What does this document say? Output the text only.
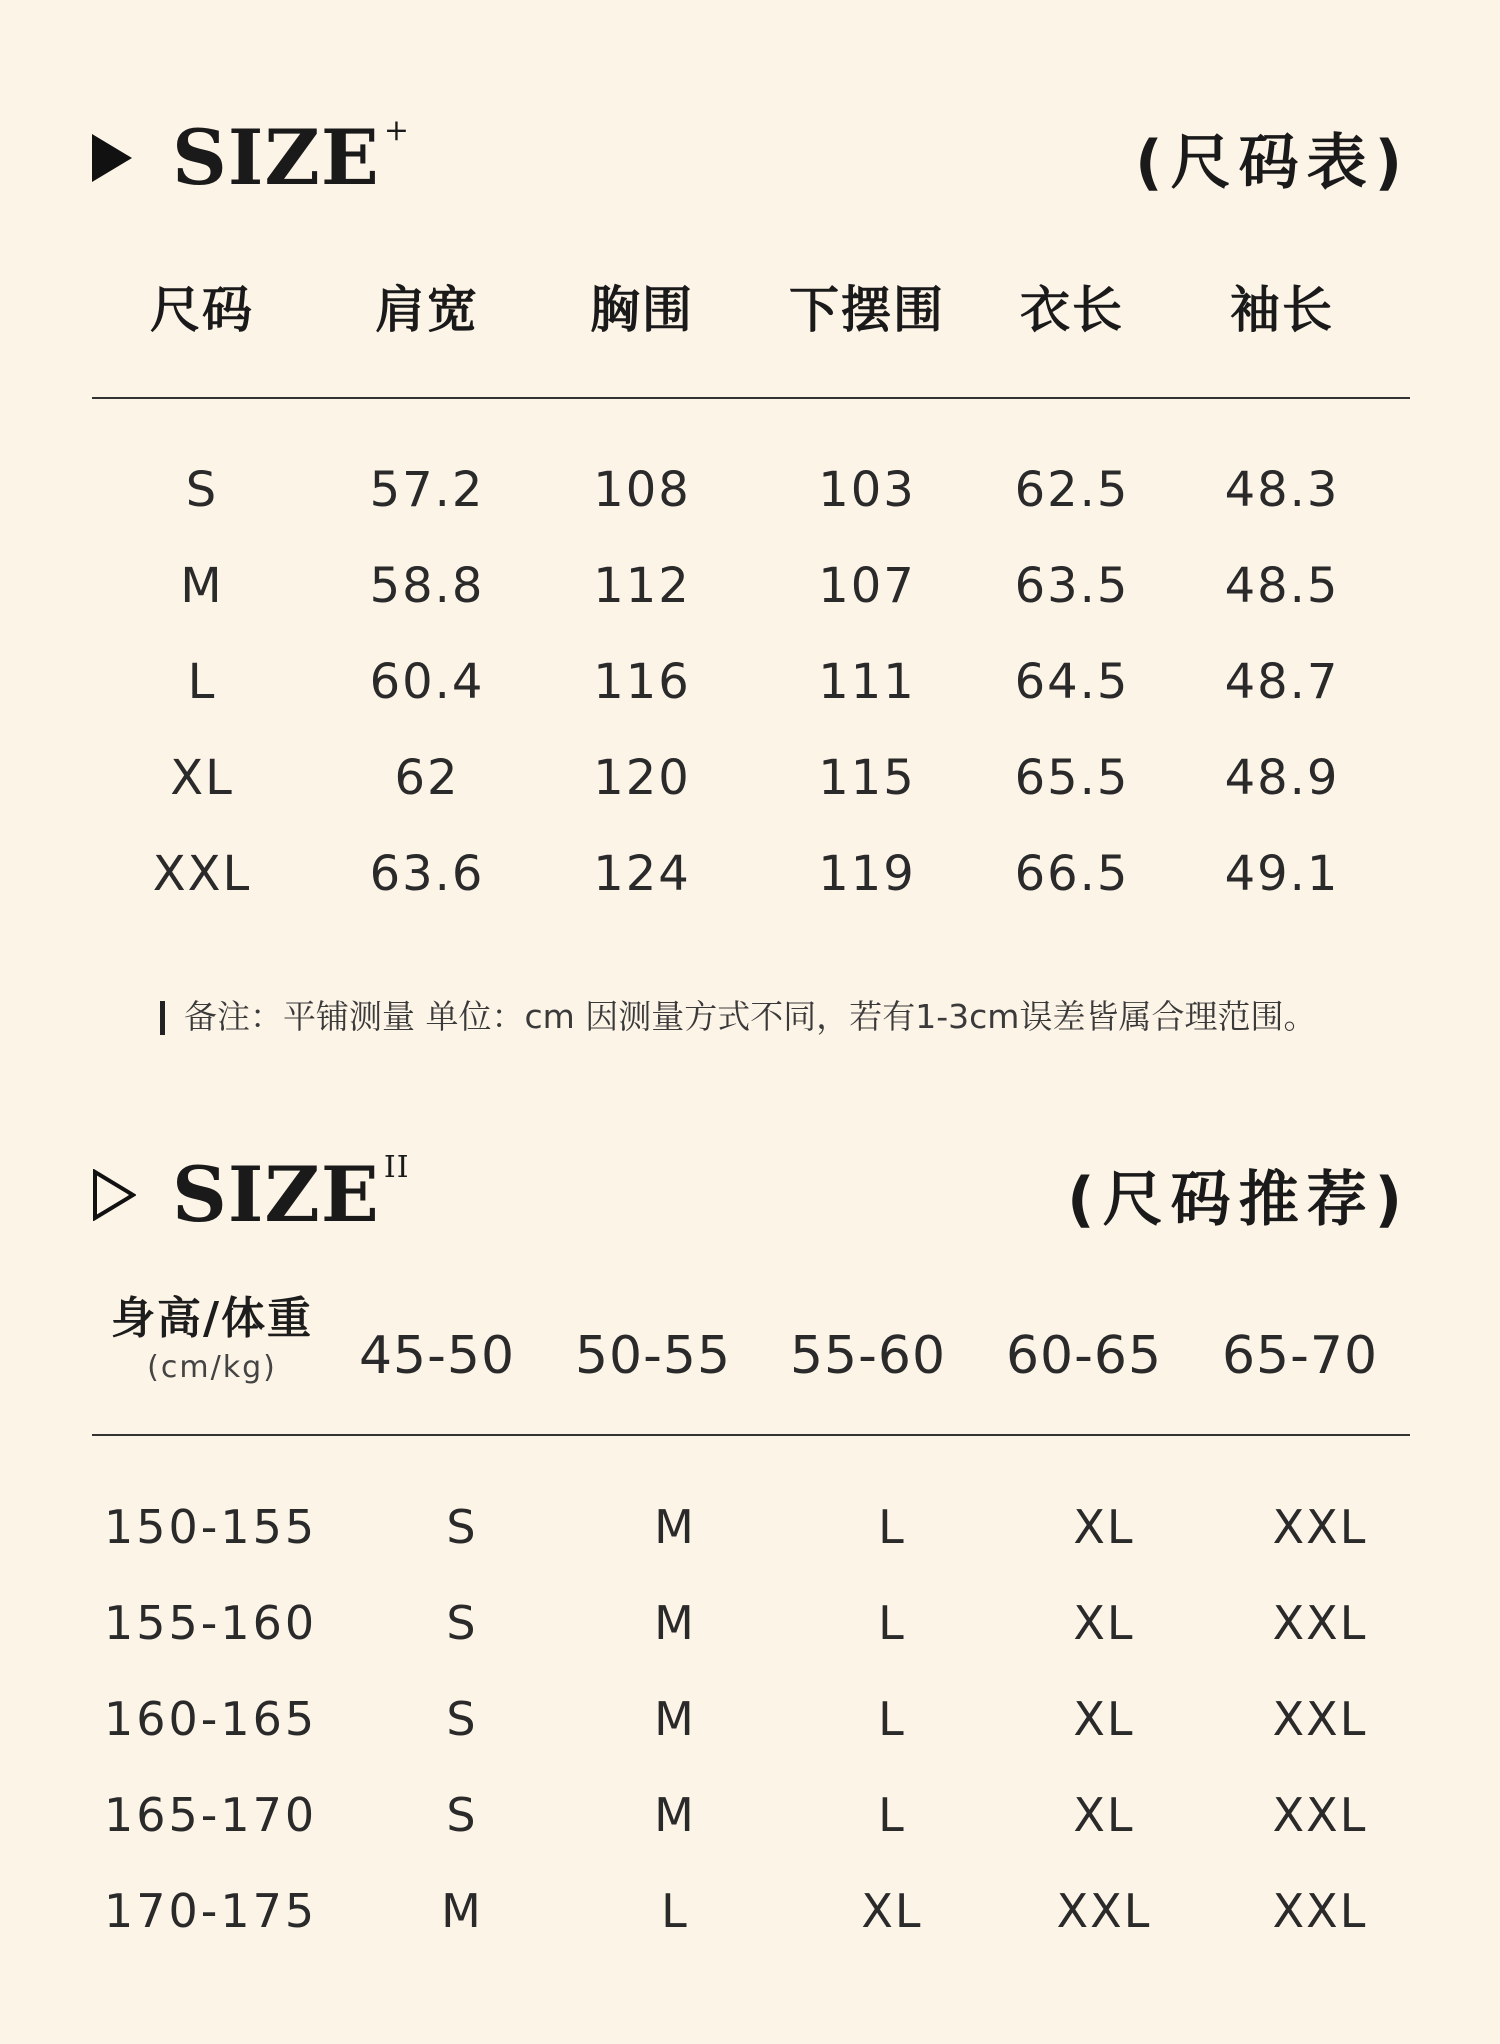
SIZE +	(尺码表)
尺码	肩宽	胸围	下摆围	衣长	袖长
S	57.2	108	103	62.5	48.3
M	58.8	112	107	63.5	48.5
L	60.4	116	111	64.5	48.7
XL	62	120	115	65.5	48.9
XXL	63.6	124	119	66.5	49.1
备注：平铺测量 单位：cm 因测量方式不同，若有1-3cm误差皆属合理范围。
SIZE $^{II}$	(尺码推荐)
身高/体重
(cm/kg)	45-50	50-55	55-60	60-65	65-70
150-155	S	M	L	XL	XXL
155-160	S	M	L	XL	XXL
160-165	S	M	L	XL	XXL
165-170	S	M	L	XL	XXL
170-175	M	L	XL	XXL	XXL
